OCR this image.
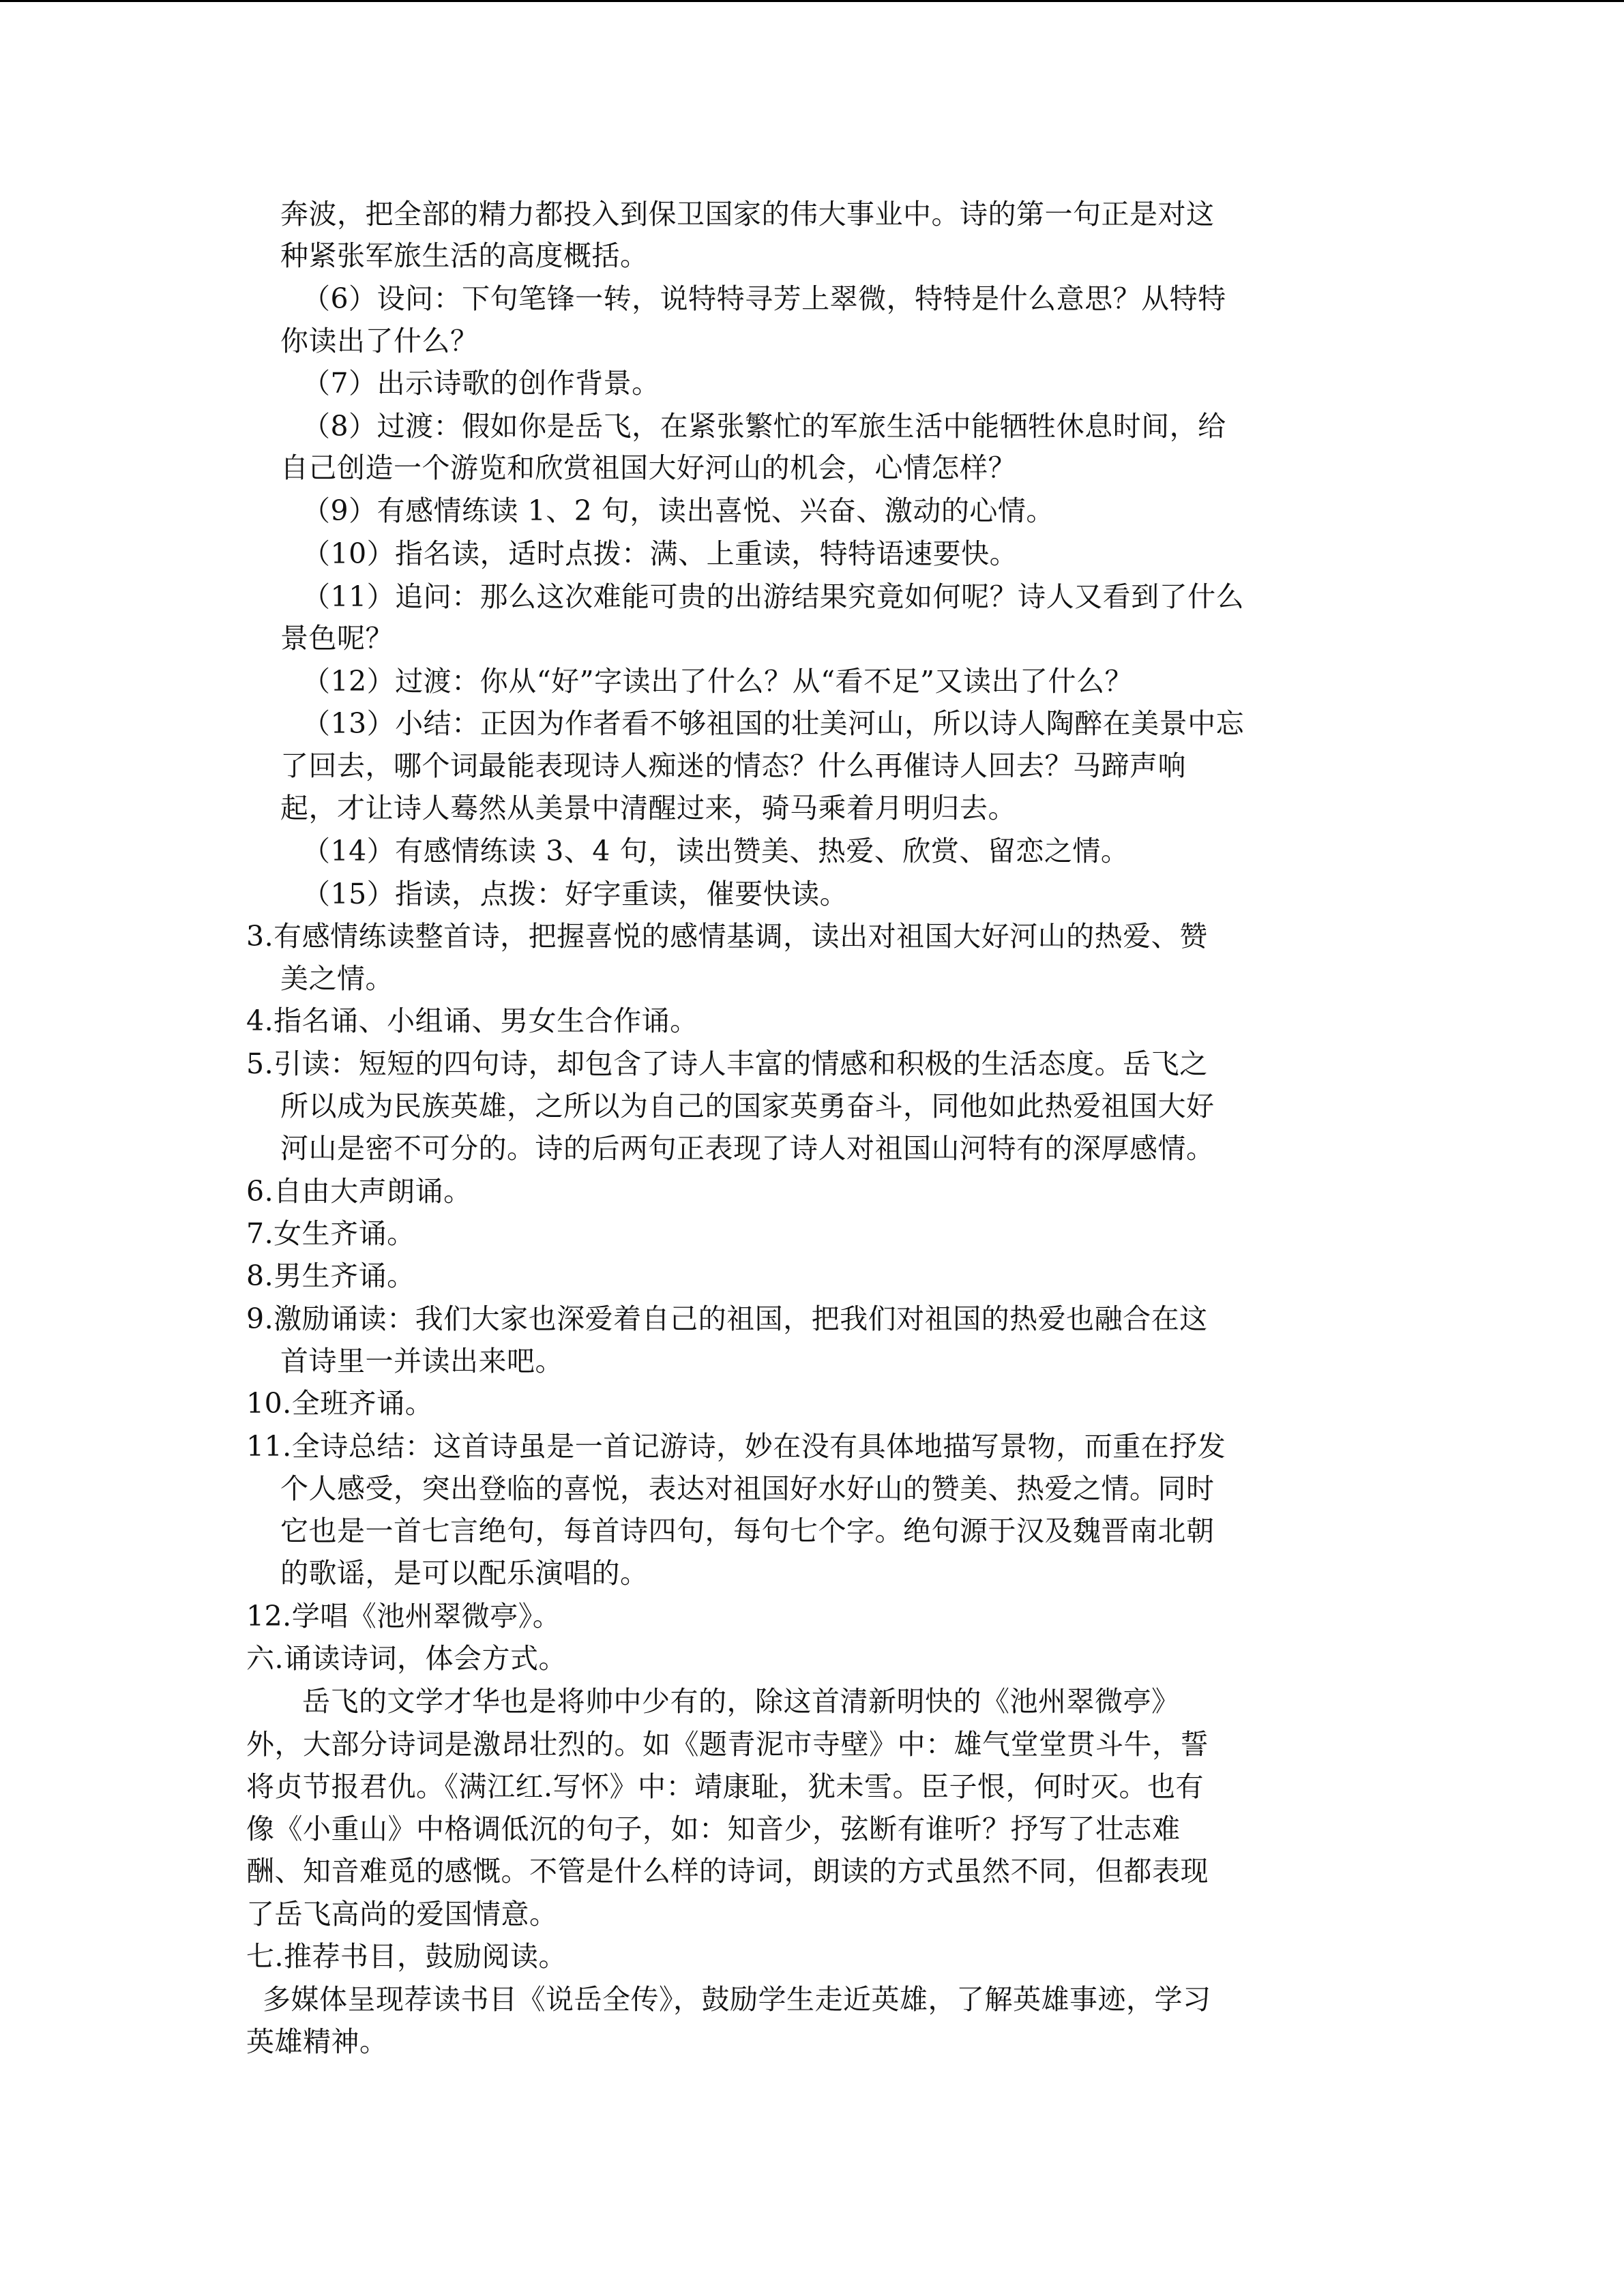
奔波，把全部的精力都投入到保卫国家的伟大事业中。诗的第一句正是对这
种紧张军旅生活的高度概括。
（6）设问：下句笔锋一转，说特特寻芳上翠微，特特是什么意思？从特特
你读出了什么？
（7）出示诗歌的创作背景。
（8）过渡：假如你是岳飞，在紧张繁忙的军旅生活中能牺牲休息时间，给
自己创造一个游览和欣赏祖国大好河山的机会，心情怎样？
（9）有感情练读 1、2 句，读出喜悦、兴奋、激动的心情。
（10）指名读，适时点拨：满、上重读，特特语速要快。
（11）追问：那么这次难能可贵的出游结果究竟如何呢？诗人又看到了什么
景色呢？
（12）过渡：你从“好”字读出了什么？从“看不足”又读出了什么？
（13）小结：正因为作者看不够祖国的壮美河山，所以诗人陶醉在美景中忘
了回去，哪个词最能表现诗人痴迷的情态？什么再催诗人回去？马蹄声响
起，才让诗人蓦然从美景中清醒过来，骑马乘着月明归去。
（14）有感情练读 3、4 句，读出赞美、热爱、欣赏、留恋之情。
（15）指读，点拨：好字重读，催要快读。
3.有感情练读整首诗，把握喜悦的感情基调，读出对祖国大好河山的热爱、赞
美之情。
4.指名诵、小组诵、男女生合作诵。
5.引读：短短的四句诗，却包含了诗人丰富的情感和积极的生活态度。岳飞之
所以成为民族英雄，之所以为自己的国家英勇奋斗，同他如此热爱祖国大好
河山是密不可分的。诗的后两句正表现了诗人对祖国山河特有的深厚感情。
6.自由大声朗诵。
7.女生齐诵。
8.男生齐诵。
9.激励诵读：我们大家也深爱着自己的祖国，把我们对祖国的热爱也融合在这
首诗里一并读出来吧。
10.全班齐诵。
11.全诗总结：这首诗虽是一首记游诗，妙在没有具体地描写景物，而重在抒发
个人感受，突出登临的喜悦，表达对祖国好水好山的赞美、热爱之情。同时
它也是一首七言绝句，每首诗四句，每句七个字。绝句源于汉及魏晋南北朝
的歌谣，是可以配乐演唱的。
12.学唱《池州翠微亭》。
六.诵读诗词，体会方式。
岳飞的文学才华也是将帅中少有的，除这首清新明快的《池州翠微亭》
外，大部分诗词是激昂壮烈的。如《题青泥市寺壁》中：雄气堂堂贯斗牛，誓
将贞节报君仇。《满江红.写怀》中：靖康耻，犹未雪。臣子恨，何时灭。也有
像《小重山》中格调低沉的句子，如：知音少，弦断有谁听？抒写了壮志难
酬、知音难觅的感慨。不管是什么样的诗词，朗读的方式虽然不同，但都表现
了岳飞高尚的爱国情意。
七.推荐书目，鼓励阅读。
多媒体呈现荐读书目《说岳全传》，鼓励学生走近英雄，了解英雄事迹，学习
英雄精神。
